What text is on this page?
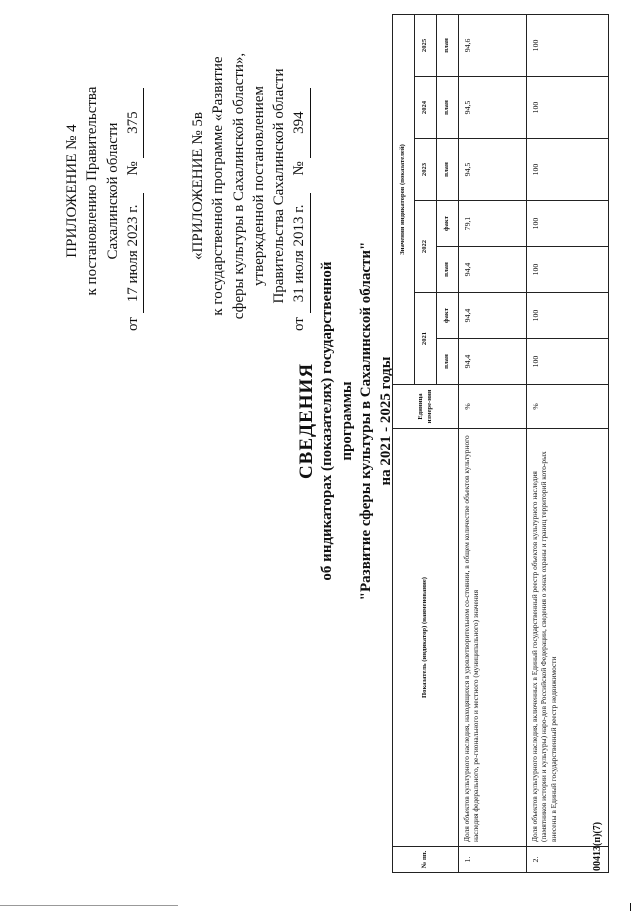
ПРИЛОЖЕНИЕ № 4 к постановлению Правительства Сахалинской области
от 17 июля 2023 г. № 375	«ПРИЛОЖЕНИЕ № 5в к государственной программе «Развитие сферы культуры в Сахалинской области», утвержденной постановлением Правительства Сахалинской области
от 31 июля 2013 г. № 394
СВЕДЕНИЯ об индикаторах (показателях) государственной программы "Развитие сферы культуры в Сахалинской области" на 2021 - 2025 годы
№ пп.	Показатель (индикатор) (наименование)	Единица измере-ния	Значения индикаторов (показателей)						
			2021		2022		2023	2024	2025
			план	факт	план	факт	план	план	план
1.	Доля объектов культурного наследия, находящихся в удовлетворительном со-стоянии, в общем количестве объектов культурного наследия федерального, ре-гионального и местного (муниципального) значения	%	94,4	94,4	94,4	79,1	94,5	94,5	94,6
2.	Доля объектов культурного наследия, включенных в Единый государственный реестр объектов культурного наследия (памятников истории и культуры) наро-дов Российской Федерации, сведения о зонах охраны и границ территорий кото-рых внесены в Единый государственный реестр недвижимости	%	100	100	100	100	100	100	100
00413(п)(7)
